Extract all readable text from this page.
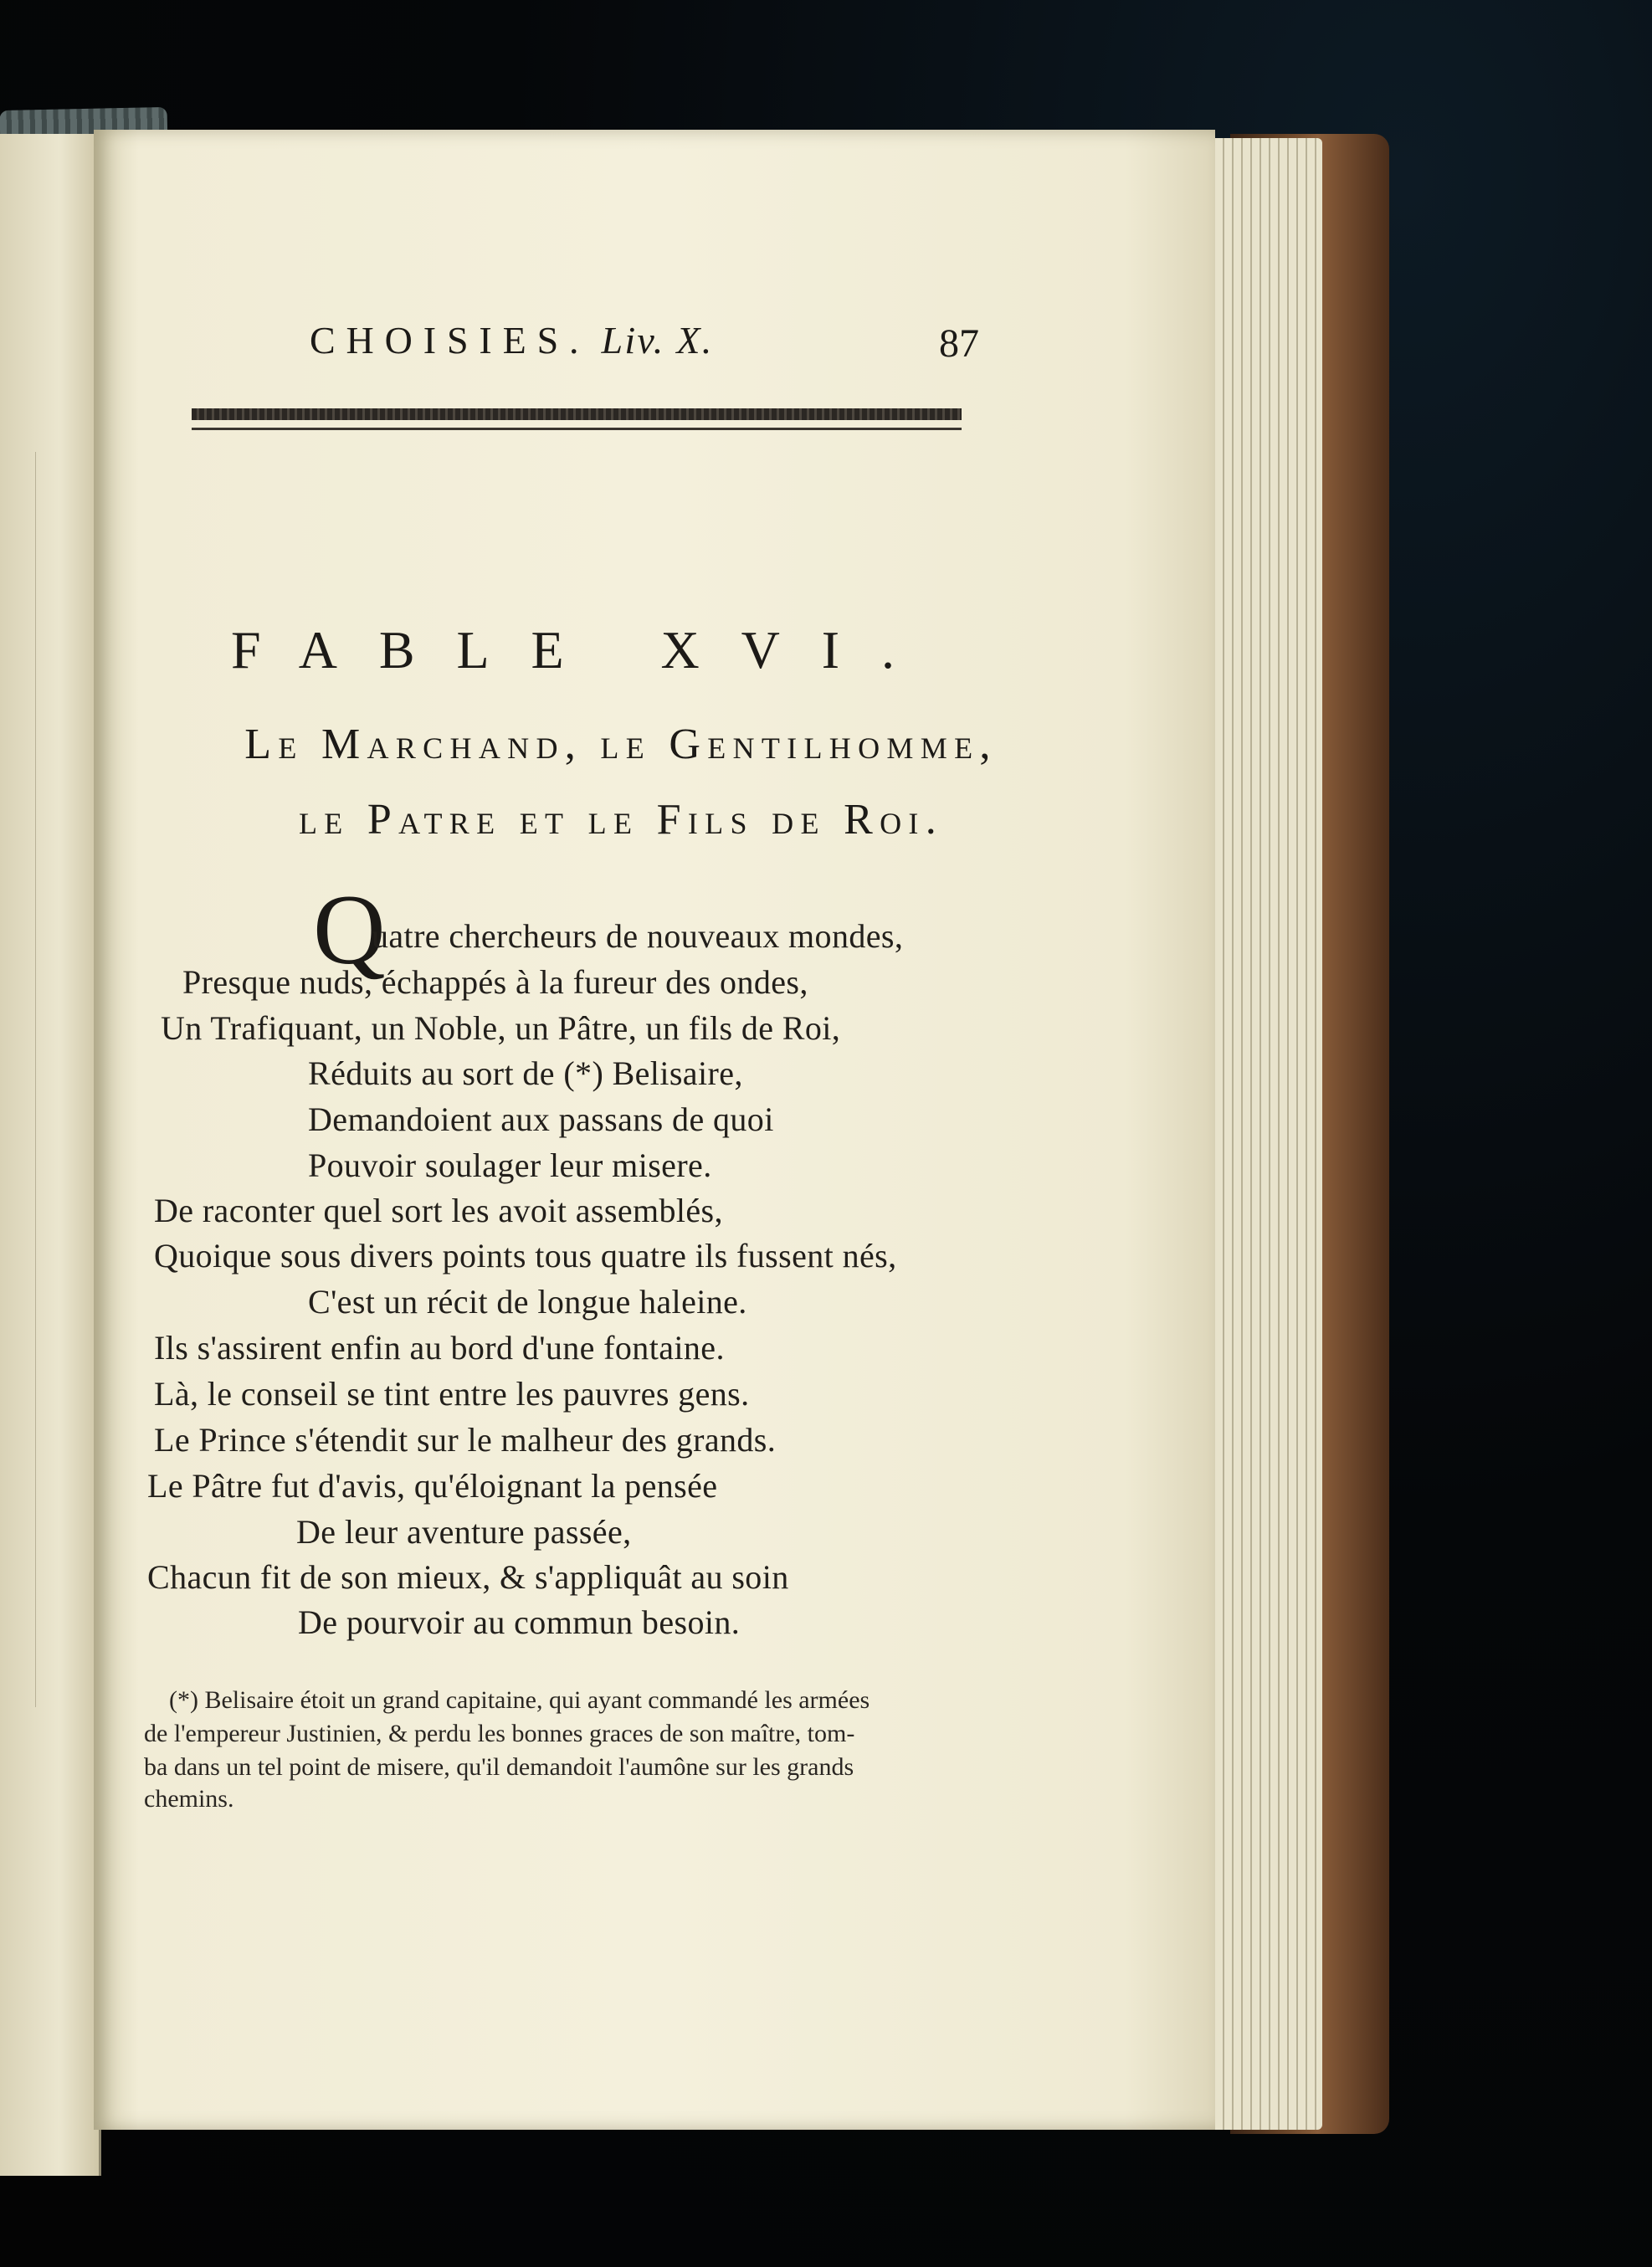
CHOISIES. Liv. X.	87
FABLE XVI.
Le Marchand, le Gentilhomme,
le Patre et le Fils de Roi.
Q
uatre chercheurs de nouveaux mondes,
Presque nuds, échappés à la fureur des ondes,
Un Trafiquant, un Noble, un Pâtre, un fils de Roi,
Réduits au sort de (*) Belisaire,
Demandoient aux passans de quoi
Pouvoir soulager leur misere.
De raconter quel sort les avoit assemblés,
Quoique sous divers points tous quatre ils fussent nés,
C'est un récit de longue haleine.
Ils s'assirent enfin au bord d'une fontaine.
Là, le conseil se tint entre les pauvres gens.
Le Prince s'étendit sur le malheur des grands.
Le Pâtre fut d'avis, qu'éloignant la pensée
De leur aventure passée,
Chacun fit de son mieux, & s'appliquât au soin
De pourvoir au commun besoin.
(*) Belisaire étoit un grand capitaine, qui ayant commandé les armées
de l'empereur Justinien, & perdu les bonnes graces de son maître, tom-
ba dans un tel point de misere, qu'il demandoit l'aumône sur les grands
chemins.
